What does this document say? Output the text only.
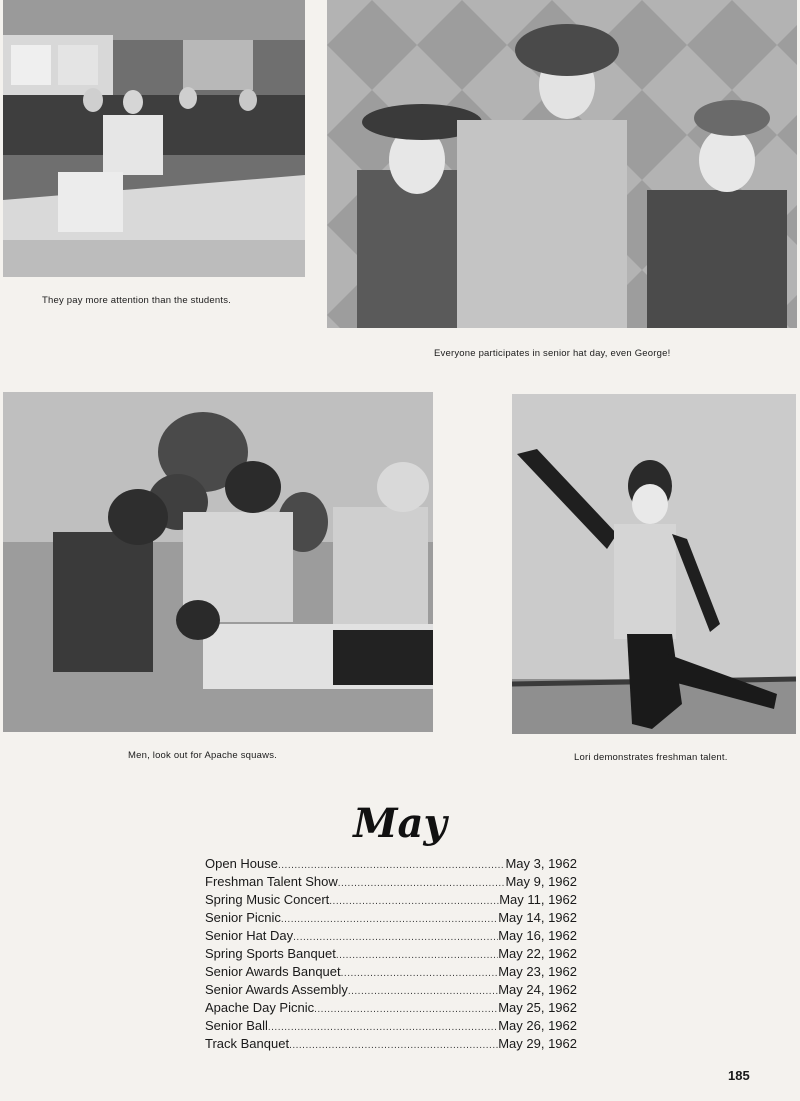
They pay more attention than the students.
Everyone participates in senior hat day, even George!
Men, look out for Apache squaws.	Lori demonstrates freshman talent.
May
Open House .....	May 3, 1962
Freshman Talent Show .....	May 9, 1962
Spring Music Concert .....	May 11, 1962
Senior Picnic .....	May 14, 1962
Senior Hat Day .....	May 16, 1962
Spring Sports Banquet .....	May 22, 1962
Senior Awards Banquet .....	May 23, 1962
Senior Awards Assembly .....	May 24, 1962
Apache Day Picnic .....	May 25, 1962
Senior Ball .....	May 26, 1962
Track Banquet .....	May 29, 1962
185
